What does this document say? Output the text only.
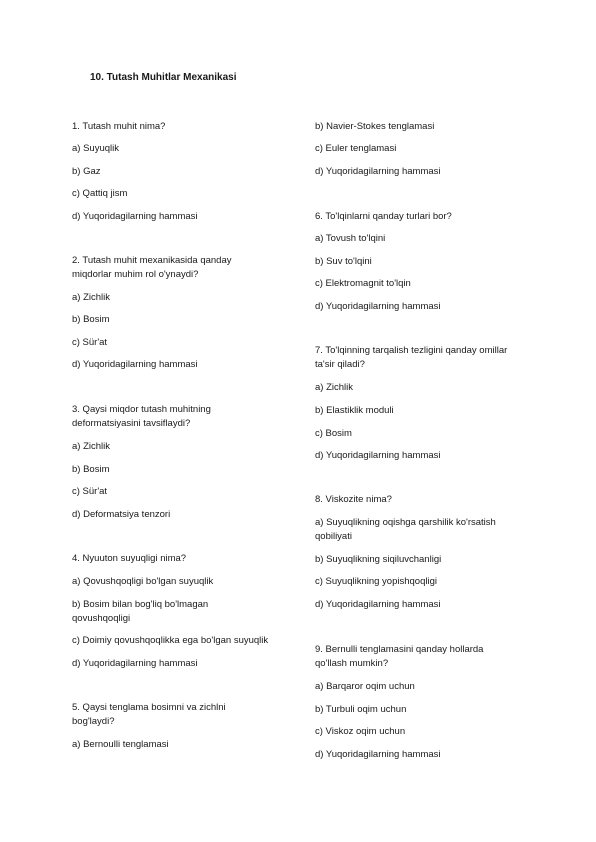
10. Tutash Muhitlar Mexanikasi
1. Tutash muhit nima?
a) Suyuqlik
b) Gaz
c) Qattiq jism
d) Yuqoridagilarning hammasi
2. Tutash muhit mexanikasida qanday
miqdorlar muhim rol o'ynaydi?
a) Zichlik
b) Bosim
c) Sür'at
d) Yuqoridagilarning hammasi
3. Qaysi miqdor tutash muhitning
deformatsiyasini tavsiflaydi?
a) Zichlik
b) Bosim
c) Sür'at
d) Deformatsiya tenzori
4. Nyuuton suyuqligi nima?
a) Qovushqoqligi bo'lgan suyuqlik
b) Bosim bilan bog'liq bo'lmagan
qovushqoqligi
c) Doimiy qovushqoqlikka ega bo'lgan suyuqlik
d) Yuqoridagilarning hammasi
5. Qaysi tenglama bosimni va zichlni
bog'laydi?
a) Bernoulli tenglamasi
b) Navier-Stokes tenglamasi
c) Euler tenglamasi
d) Yuqoridagilarning hammasi
6. To'lqinlarni qanday turlari bor?
a) Tovush to'lqini
b) Suv to'lqini
c) Elektromagnit to'lqin
d) Yuqoridagilarning hammasi
7. To'lqinning tarqalish tezligini qanday omillar
ta'sir qiladi?
a) Zichlik
b) Elastiklik moduli
c) Bosim
d) Yuqoridagilarning hammasi
8. Viskozite nima?
a) Suyuqlikning oqishga qarshilik ko'rsatish
qobiliyati
b) Suyuqlikning siqiluvchanligi
c) Suyuqlikning yopishqoqligi
d) Yuqoridagilarning hammasi
9. Bernulli tenglamasini qanday hollarda
qo'llash mumkin?
a) Barqaror oqim uchun
b) Turbuli oqim uchun
c) Viskoz oqim uchun
d) Yuqoridagilarning hammasi
